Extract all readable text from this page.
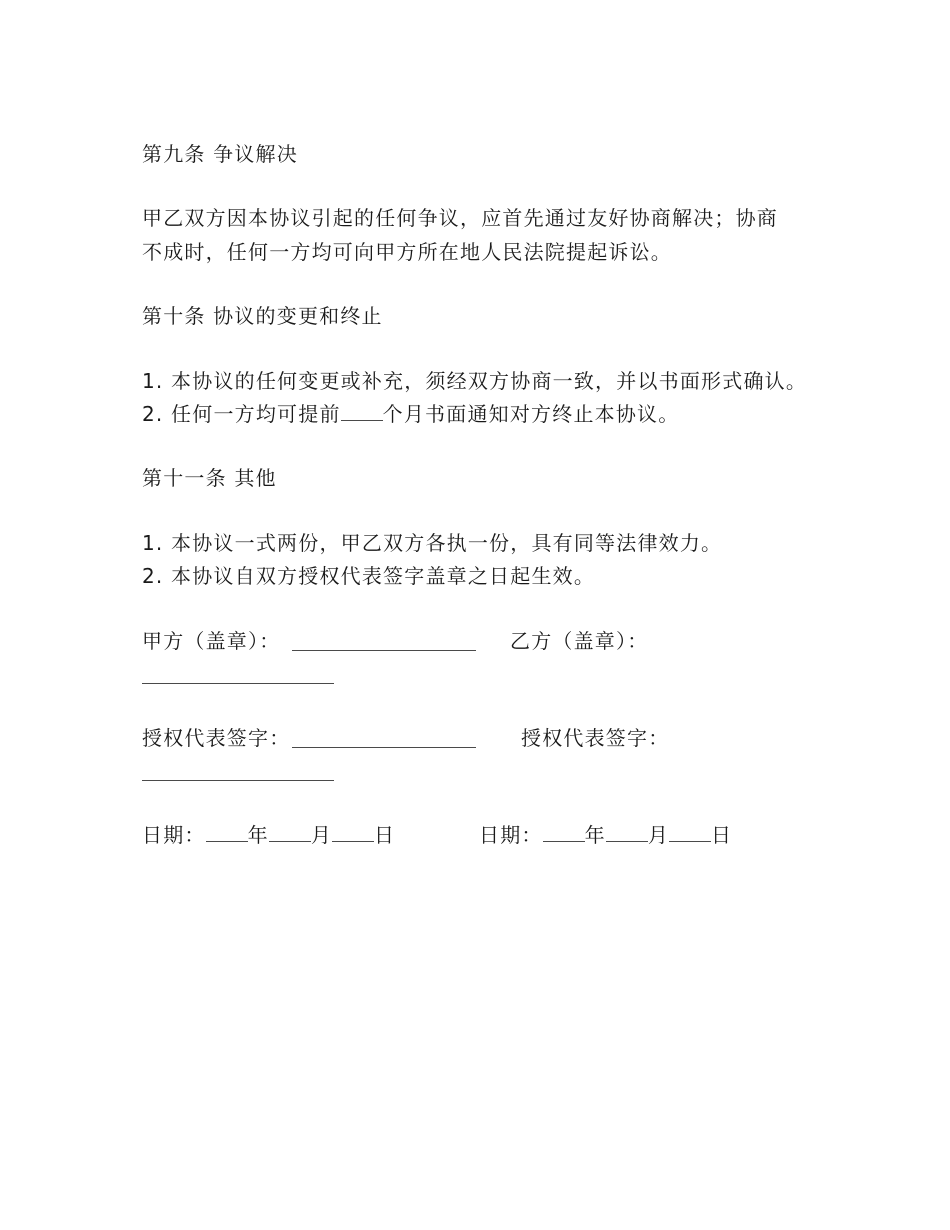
第九条 争议解决
甲乙双方因本协议引起的任何争议，应首先通过友好协商解决；协商
不成时，任何一方均可向甲方所在地人民法院提起诉讼。
第十条 协议的变更和终止
1. 本协议的任何变更或补充，须经双方协商一致，并以书面形式确认。
2. 任何一方均可提前 个月书面通知对方终止本协议。
第十一条 其他
1. 本协议一式两份，甲乙双方各执一份，具有同等法律效力。
2. 本协议自双方授权代表签字盖章之日起生效。
甲方（盖章）：	乙方（盖章）：
授权代表签字：	授权代表签字：
日期： 年 月 日	日期： 年 月 日
